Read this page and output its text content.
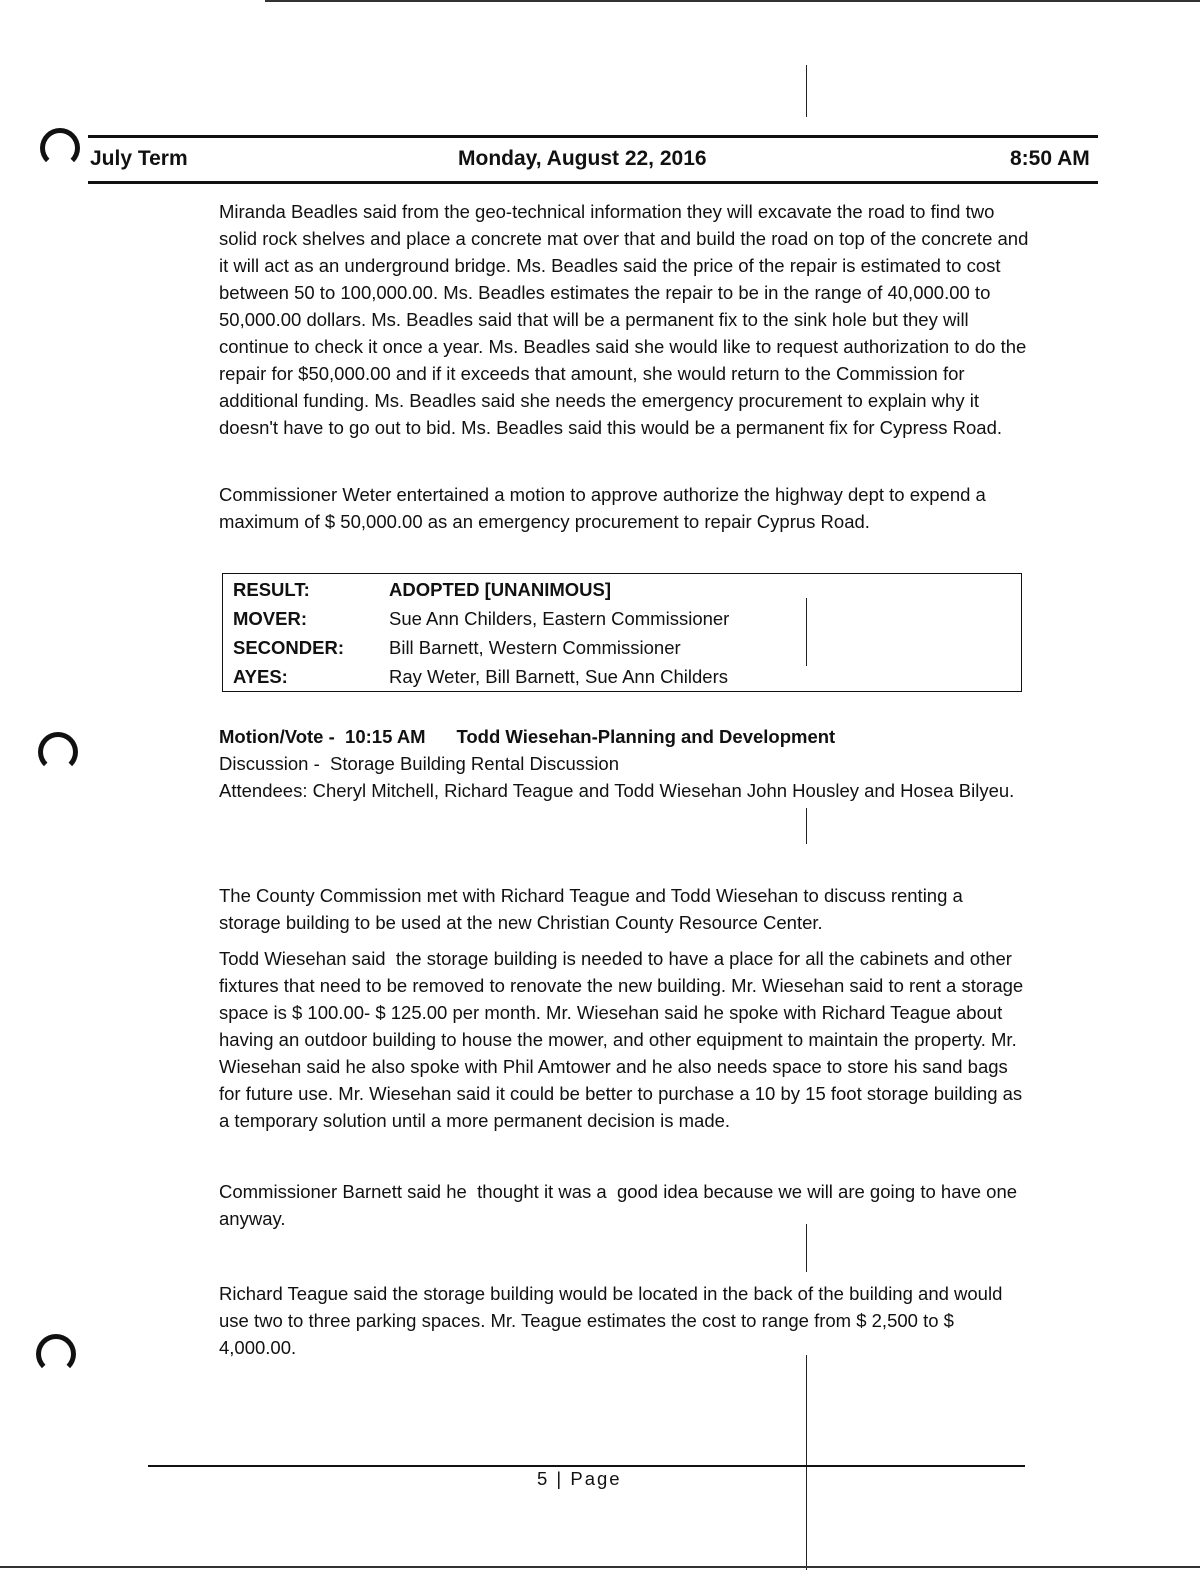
July Term	Monday, August 22, 2016	8:50 AM

Miranda Beadles said from the geo-technical information they will excavate the road to find two solid rock shelves and place a concrete mat over that and build the road on top of the concrete and it will act as an underground bridge. Ms. Beadles said the price of the repair is estimated to cost between 50 to 100,000.00. Ms. Beadles estimates the repair to be in the range of 40,000.00 to 50,000.00 dollars. Ms. Beadles said that will be a permanent fix to the sink hole but they will continue to check it once a year. Ms. Beadles said she would like to request authorization to do the repair for $50,000.00 and if it exceeds that amount, she would return to the Commission for additional funding. Ms. Beadles said she needs the emergency procurement to explain why it doesn't have to go out to bid. Ms. Beadles said this would be a permanent fix for Cypress Road.

Commissioner Weter entertained a motion to approve authorize the highway dept to expend a maximum of $ 50,000.00 as an emergency procurement to repair Cyprus Road.

RESULT:	ADOPTED [UNANIMOUS]
MOVER:	Sue Ann Childers, Eastern Commissioner
SECONDER:	Bill Barnett, Western Commissioner
AYES:	Ray Weter, Bill Barnett, Sue Ann Childers

Motion/Vote -  10:15 AM Todd Wiesehan-Planning and Development

Discussion -  Storage Building Rental Discussion

Attendees: Cheryl Mitchell, Richard Teague and Todd Wiesehan John Housley and Hosea Bilyeu.

The County Commission met with Richard Teague and Todd Wiesehan to discuss renting a storage building to be used at the new Christian County Resource Center.

Todd Wiesehan said  the storage building is needed to have a place for all the cabinets and other fixtures that need to be removed to renovate the new building. Mr. Wiesehan said to rent a storage space is $ 100.00- $ 125.00 per month. Mr. Wiesehan said he spoke with Richard Teague about having an outdoor building to house the mower, and other equipment to maintain the property. Mr. Wiesehan said he also spoke with Phil Amtower and he also needs space to store his sand bags for future use. Mr. Wiesehan said it could be better to purchase a 10 by 15 foot storage building as a temporary solution until a more permanent decision is made.

Commissioner Barnett said he  thought it was a  good idea because we will are going to have one anyway.

Richard Teague said the storage building would be located in the back of the building and would use two to three parking spaces. Mr. Teague estimates the cost to range from $ 2,500 to $ 4,000.00.

5 | Page
